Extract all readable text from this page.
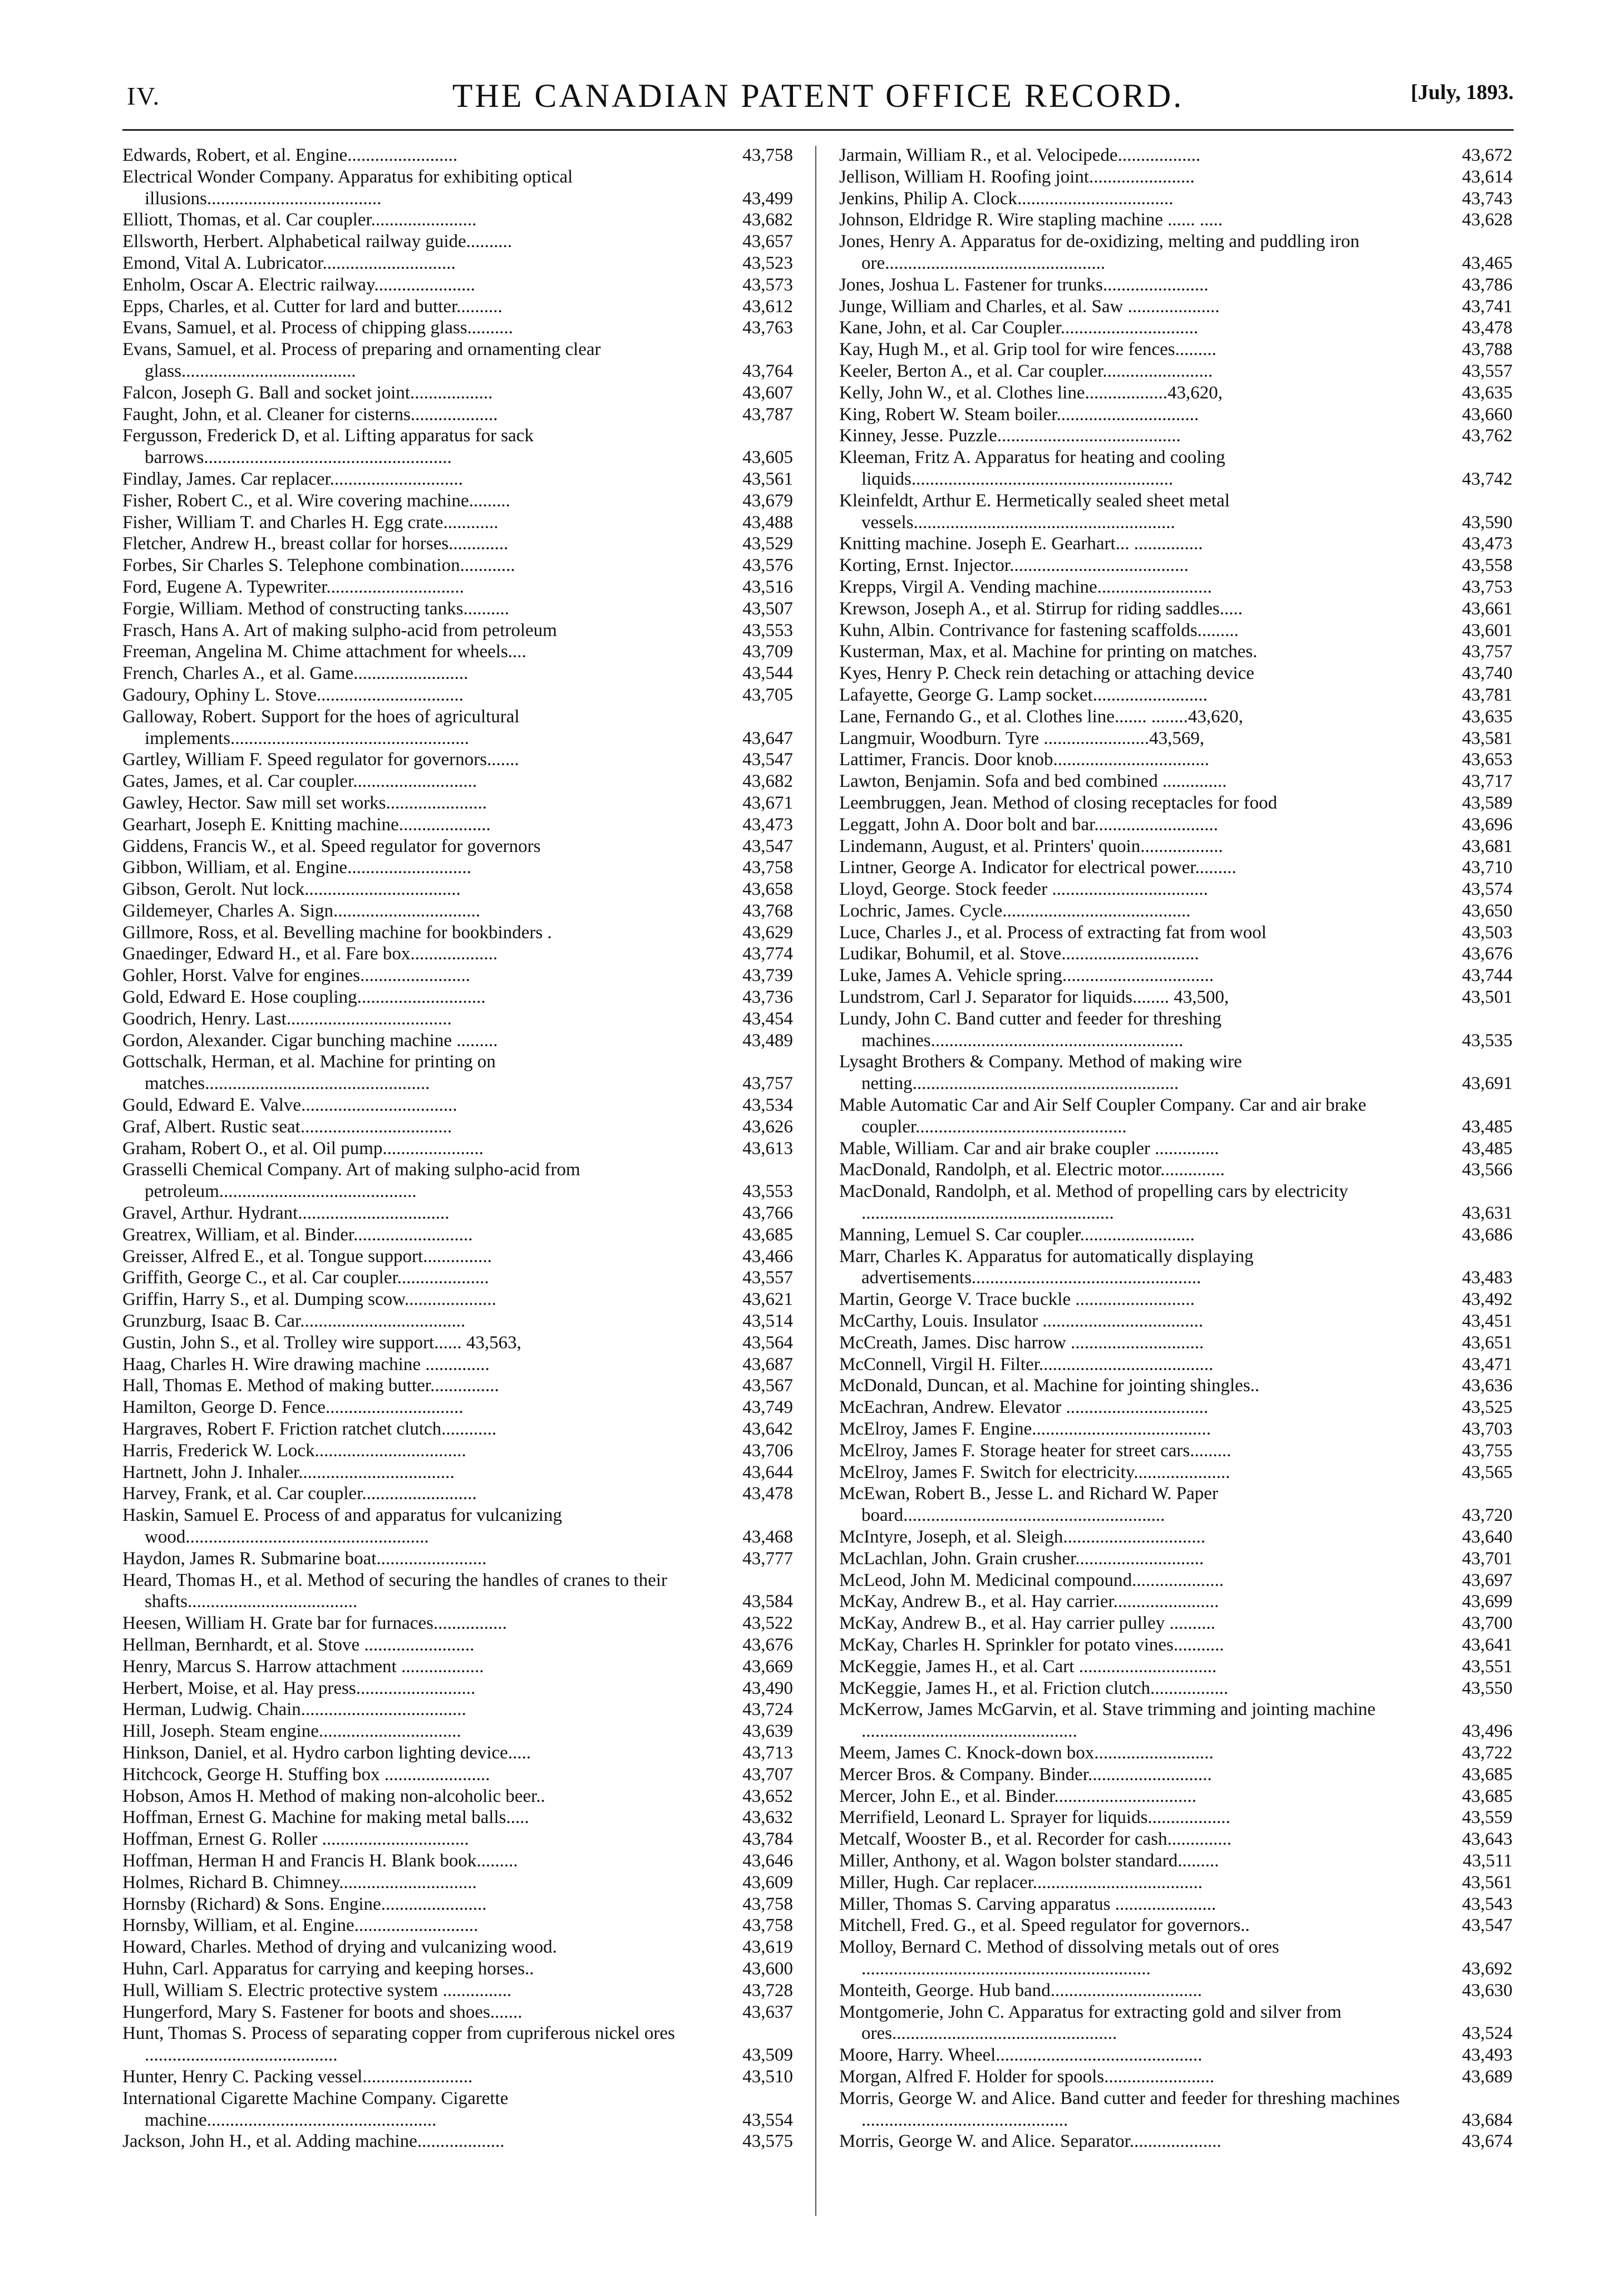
IV.	THE CANADIAN PATENT OFFICE RECORD.	[July, 1893.
Edwards, Robert, et al. Engine........................	43,758
Electrical Wonder Company. Apparatus for exhibiting optical illusions......................................	43,499
Elliott, Thomas, et al. Car coupler.......................	43,682
Ellsworth, Herbert. Alphabetical railway guide..........	43,657
Emond, Vital A. Lubricator.............................	43,523
Enholm, Oscar A. Electric railway......................	43,573
Epps, Charles, et al. Cutter for lard and butter..........	43,612
Evans, Samuel, et al. Process of chipping glass..........	43,763
Evans, Samuel, et al. Process of preparing and ornamenting clear glass......................................	43,764
Falcon, Joseph G. Ball and socket joint..................	43,607
Faught, John, et al. Cleaner for cisterns...................	43,787
Fergusson, Frederick D, et al. Lifting apparatus for sack barrows......................................................	43,605
Findlay, James. Car replacer.............................	43,561
Fisher, Robert C., et al. Wire covering machine.........	43,679
Fisher, William T. and Charles H. Egg crate............	43,488
Fletcher, Andrew H., breast collar for horses.............	43,529
Forbes, Sir Charles S. Telephone combination............	43,576
Ford, Eugene A. Typewriter..............................	43,516
Forgie, William. Method of constructing tanks..........	43,507
Frasch, Hans A. Art of making sulpho-acid from petroleum	43,553
Freeman, Angelina M. Chime attachment for wheels....	43,709
French, Charles A., et al. Game.........................	43,544
Gadoury, Ophiny L. Stove................................	43,705
Galloway, Robert. Support for the hoes of agricultural implements....................................................	43,647
Gartley, William F. Speed regulator for governors.......	43,547
Gates, James, et al. Car coupler...........................	43,682
Gawley, Hector. Saw mill set works......................	43,671
Gearhart, Joseph E. Knitting machine....................	43,473
Giddens, Francis W., et al. Speed regulator for governors	43,547
Gibbon, William, et al. Engine...........................	43,758
Gibson, Gerolt. Nut lock..................................	43,658
Gildemeyer, Charles A. Sign................................	43,768
Gillmore, Ross, et al. Bevelling machine for bookbinders .	43,629
Gnaedinger, Edward H., et al. Fare box...................	43,774
Gohler, Horst. Valve for engines........................	43,739
Gold, Edward E. Hose coupling............................	43,736
Goodrich, Henry. Last....................................	43,454
Gordon, Alexander. Cigar bunching machine .........	43,489
Gottschalk, Herman, et al. Machine for printing on matches.................................................	43,757
Gould, Edward E. Valve..................................	43,534
Graf, Albert. Rustic seat.................................	43,626
Graham, Robert O., et al. Oil pump......................	43,613
Grasselli Chemical Company. Art of making sulpho-acid from petroleum...........................................	43,553
Gravel, Arthur. Hydrant.................................	43,766
Greatrex, William, et al. Binder..........................	43,685
Greisser, Alfred E., et al. Tongue support...............	43,466
Griffith, George C., et al. Car coupler....................	43,557
Griffin, Harry S., et al. Dumping scow....................	43,621
Grunzburg, Isaac B. Car....................................	43,514
Gustin, John S., et al. Trolley wire support...... 43,563,	43,564
Haag, Charles H. Wire drawing machine ..............	43,687
Hall, Thomas E. Method of making butter...............	43,567
Hamilton, George D. Fence..............................	43,749
Hargraves, Robert F. Friction ratchet clutch............	43,642
Harris, Frederick W. Lock.................................	43,706
Hartnett, John J. Inhaler..................................	43,644
Harvey, Frank, et al. Car coupler.........................	43,478
Haskin, Samuel E. Process of and apparatus for vulcanizing wood.....................................................	43,468
Haydon, James R. Submarine boat........................	43,777
Heard, Thomas H., et al. Method of securing the handles of cranes to their shafts.....................................	43,584
Heesen, William H. Grate bar for furnaces................	43,522
Hellman, Bernhardt, et al. Stove ........................	43,676
Henry, Marcus S. Harrow attachment ..................	43,669
Herbert, Moise, et al. Hay press..........................	43,490
Herman, Ludwig. Chain....................................	43,724
Hill, Joseph. Steam engine...............................	43,639
Hinkson, Daniel, et al. Hydro carbon lighting device.....	43,713
Hitchcock, George H. Stuffing box .......................	43,707
Hobson, Amos H. Method of making non-alcoholic beer..	43,652
Hoffman, Ernest G. Machine for making metal balls.....	43,632
Hoffman, Ernest G. Roller ................................	43,784
Hoffman, Herman H and Francis H. Blank book.........	43,646
Holmes, Richard B. Chimney..............................	43,609
Hornsby (Richard) & Sons. Engine.......................	43,758
Hornsby, William, et al. Engine...........................	43,758
Howard, Charles. Method of drying and vulcanizing wood.	43,619
Huhn, Carl. Apparatus for carrying and keeping horses..	43,600
Hull, William S. Electric protective system ...............	43,728
Hungerford, Mary S. Fastener for boots and shoes.......	43,637
Hunt, Thomas S. Process of separating copper from cupriferous nickel ores ..........................................	43,509
Hunter, Henry C. Packing vessel........................	43,510
International Cigarette Machine Company. Cigarette machine..................................................	43,554
Jackson, John H., et al. Adding machine...................	43,575
Jarmain, William R., et al. Velocipede..................	43,672
Jellison, William H. Roofing joint.......................	43,614
Jenkins, Philip A. Clock..................................	43,743
Johnson, Eldridge R. Wire stapling machine ...... .....	43,628
Jones, Henry A. Apparatus for de-oxidizing, melting and puddling iron ore................................................	43,465
Jones, Joshua L. Fastener for trunks.......................	43,786
Junge, William and Charles, et al. Saw ....................	43,741
Kane, John, et al. Car Coupler..............................	43,478
Kay, Hugh M., et al. Grip tool for wire fences.........	43,788
Keeler, Berton A., et al. Car coupler........................	43,557
Kelly, John W., et al. Clothes line..................43,620,	43,635
King, Robert W. Steam boiler...............................	43,660
Kinney, Jesse. Puzzle........................................	43,762
Kleeman, Fritz A. Apparatus for heating and cooling liquids.........................................................	43,742
Kleinfeldt, Arthur E. Hermetically sealed sheet metal vessels.........................................................	43,590
Knitting machine. Joseph E. Gearhart... ...............	43,473
Korting, Ernst. Injector.......................................	43,558
Krepps, Virgil A. Vending machine.........................	43,753
Krewson, Joseph A., et al. Stirrup for riding saddles.....	43,661
Kuhn, Albin. Contrivance for fastening scaffolds.........	43,601
Kusterman, Max, et al. Machine for printing on matches.	43,757
Kyes, Henry P. Check rein detaching or attaching device	43,740
Lafayette, George G. Lamp socket.........................	43,781
Lane, Fernando G., et al. Clothes line....... ........43,620,	43,635
Langmuir, Woodburn. Tyre .......................43,569,	43,581
Lattimer, Francis. Door knob..................................	43,653
Lawton, Benjamin. Sofa and bed combined ..............	43,717
Leembruggen, Jean. Method of closing receptacles for food	43,589
Leggatt, John A. Door bolt and bar...........................	43,696
Lindemann, August, et al. Printers' quoin..................	43,681
Lintner, George A. Indicator for electrical power.........	43,710
Lloyd, George. Stock feeder ..................................	43,574
Lochric, James. Cycle.........................................	43,650
Luce, Charles J., et al. Process of extracting fat from wool	43,503
Ludikar, Bohumil, et al. Stove..............................	43,676
Luke, James A. Vehicle spring.................................	43,744
Lundstrom, Carl J. Separator for liquids........ 43,500,	43,501
Lundy, John C. Band cutter and feeder for threshing machines.......................................................	43,535
Lysaght Brothers & Company. Method of making wire netting..........................................................	43,691
Mable Automatic Car and Air Self Coupler Company. Car and air brake coupler..............................................	43,485
Mable, William. Car and air brake coupler ..............	43,485
MacDonald, Randolph, et al. Electric motor..............	43,566
MacDonald, Randolph, et al. Method of propelling cars by electricity .......................................................	43,631
Manning, Lemuel S. Car coupler.........................	43,686
Marr, Charles K. Apparatus for automatically displaying advertisements..................................................	43,483
Martin, George V. Trace buckle ..........................	43,492
McCarthy, Louis. Insulator ...................................	43,451
McCreath, James. Disc harrow .............................	43,651
McConnell, Virgil H. Filter......................................	43,471
McDonald, Duncan, et al. Machine for jointing shingles..	43,636
McEachran, Andrew. Elevator ...............................	43,525
McElroy, James F. Engine.......................................	43,703
McElroy, James F. Storage heater for street cars.........	43,755
McElroy, James F. Switch for electricity.....................	43,565
McEwan, Robert B., Jesse L. and Richard W. Paper board.........................................................	43,720
McIntyre, Joseph, et al. Sleigh...............................	43,640
McLachlan, John. Grain crusher............................	43,701
McLeod, John M. Medicinal compound....................	43,697
McKay, Andrew B., et al. Hay carrier.......................	43,699
McKay, Andrew B., et al. Hay carrier pulley ..........	43,700
McKay, Charles H. Sprinkler for potato vines...........	43,641
McKeggie, James H., et al. Cart ..............................	43,551
McKeggie, James H., et al. Friction clutch.................	43,550
McKerrow, James McGarvin, et al. Stave trimming and jointing machine ...............................................	43,496
Meem, James C. Knock-down box..........................	43,722
Mercer Bros. & Company. Binder...........................	43,685
Mercer, John E., et al. Binder...............................	43,685
Merrifield, Leonard L. Sprayer for liquids..................	43,559
Metcalf, Wooster B., et al. Recorder for cash..............	43,643
Miller, Anthony, et al. Wagon bolster standard.........	43,511
Miller, Hugh. Car replacer.....................................	43,561
Miller, Thomas S. Carving apparatus ......................	43,543
Mitchell, Fred. G., et al. Speed regulator for governors..	43,547
Molloy, Bernard C. Method of dissolving metals out of ores ...............................................................	43,692
Monteith, George. Hub band.................................	43,630
Montgomerie, John C. Apparatus for extracting gold and silver from ores.................................................	43,524
Moore, Harry. Wheel.............................................	43,493
Morgan, Alfred F. Holder for spools........................	43,689
Morris, George W. and Alice. Band cutter and feeder for threshing machines .............................................	43,684
Morris, George W. and Alice. Separator....................	43,674
